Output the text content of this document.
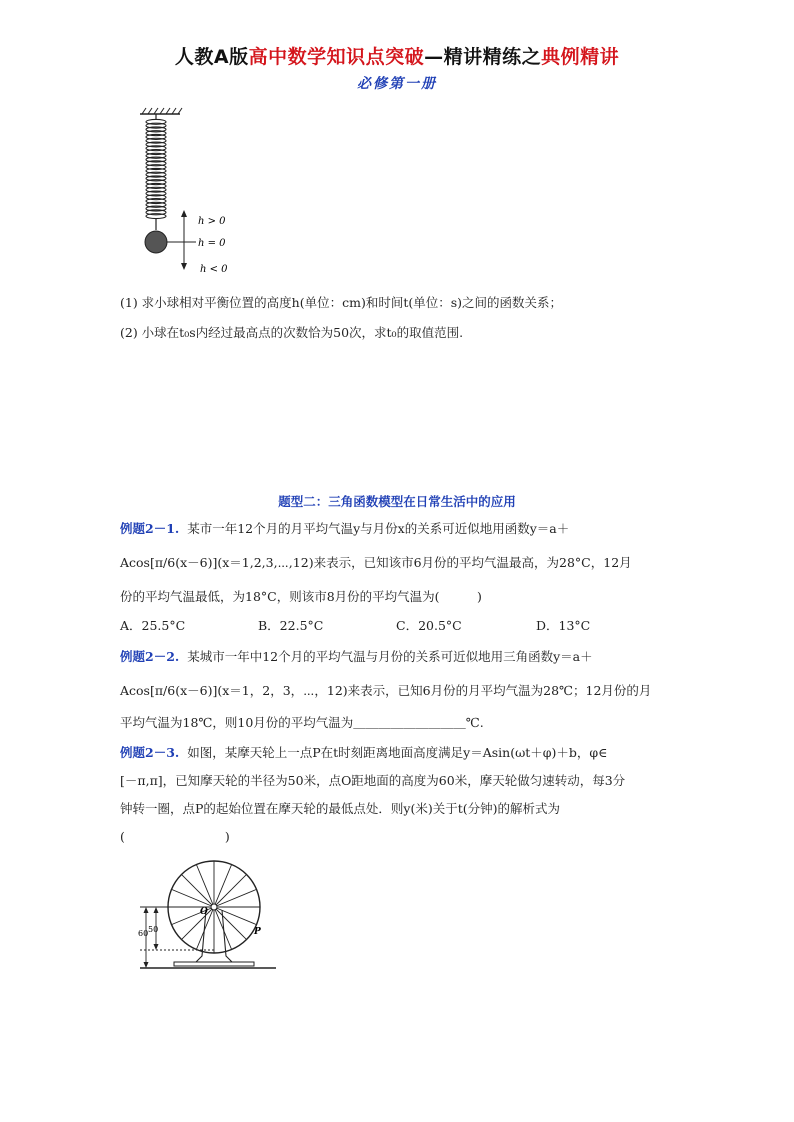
人教A版高中数学知识点突破—精讲精练之典例精讲
必修第一册
h > 0
h = 0
h < 0
(1) 求小球相对平衡位置的高度h(单位：cm)和时间t(单位：s)之间的函数关系；
(2) 小球在t₀s内经过最高点的次数恰为50次，求t₀的取值范围.
题型二：三角函数模型在日常生活中的应用
例题2－1. 某市一年12个月的月平均气温y与月份x的关系可近似地用函数y＝a＋
Acos[π/6(x－6)](x＝1,2,3,⋯,12)来表示，已知该市6月份的平均气温最高，为28°C，12月
份的平均气温最低，为18°C，则该市8月份的平均气温为(　　　)
A．25.5°C	B．22.5°C	C．20.5°C	D．13°C
例题2－2. 某城市一年中12个月的平均气温与月份的关系可近似地用三角函数y＝a＋
Acos[π/6(x－6)](x＝1，2，3，⋯，12)来表示，已知6月份的月平均气温为28℃；12月份的月
平均气温为18℃，则10月份的平均气温为＿＿＿＿＿＿＿＿＿℃.
例题2－3. 如图，某摩天轮上一点P在t时刻距离地面高度满足y＝Asin(ωt＋φ)＋b，φ∈
[－π,π]，已知摩天轮的半径为50米，点O距地面的高度为60米，摩天轮做匀速转动，每3分
钟转一圈，点P的起始位置在摩天轮的最低点处．则y(米)关于t(分钟)的解析式为
(　　　　　　　　)
60 50
O
P
